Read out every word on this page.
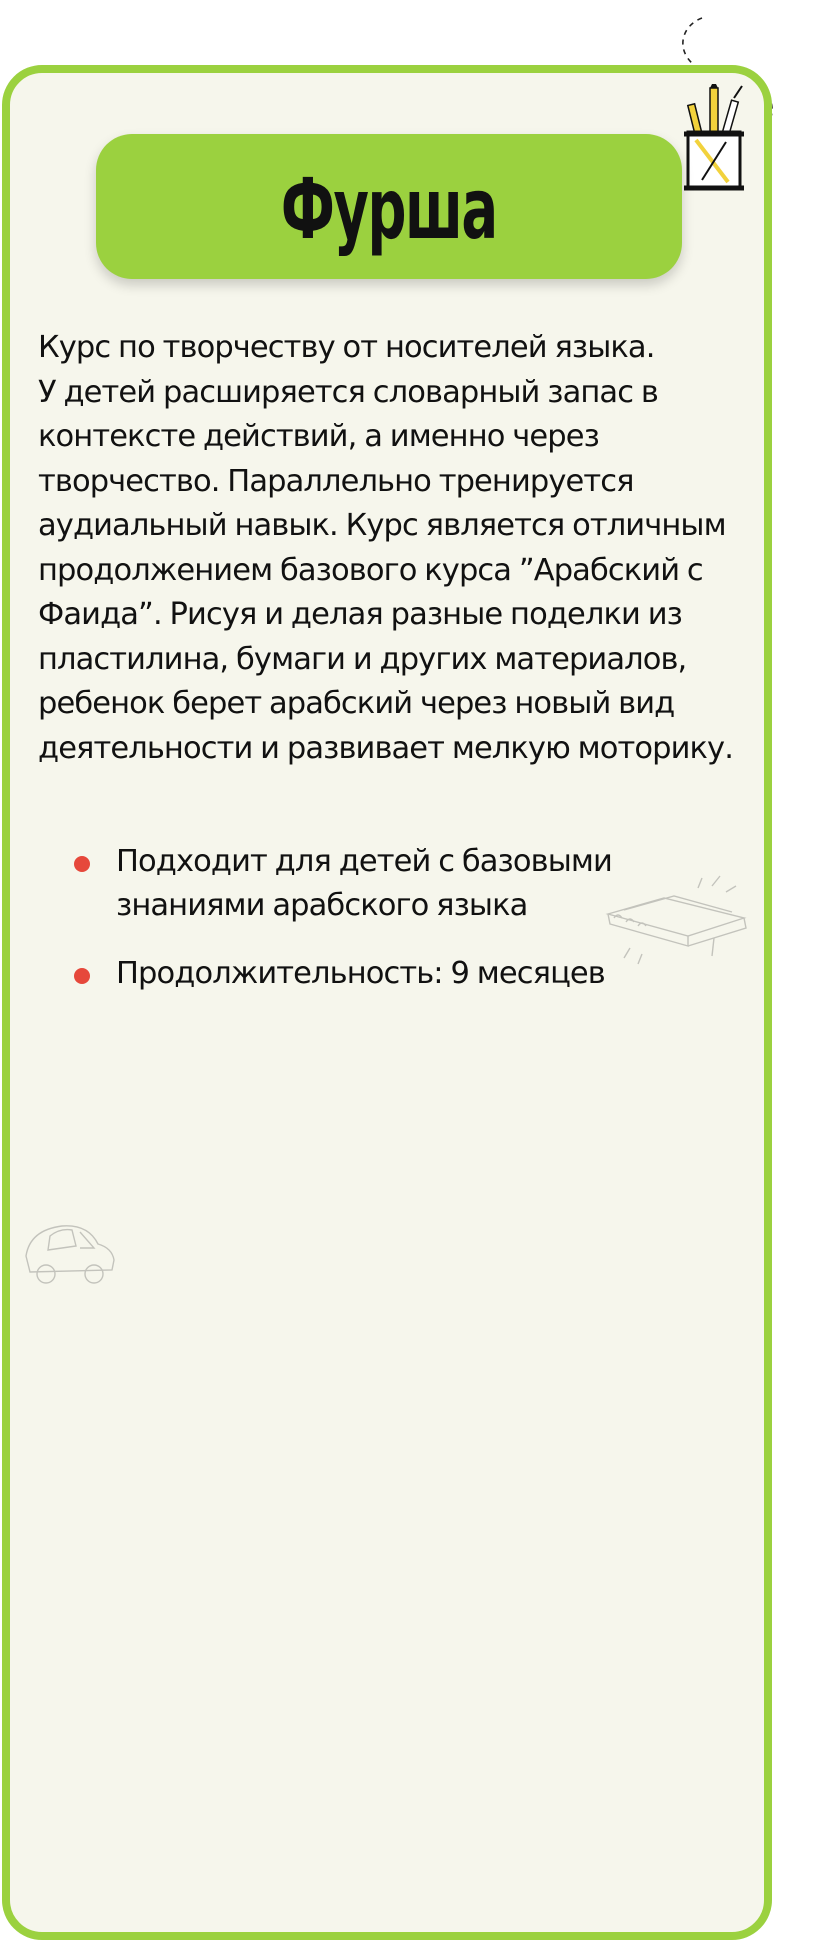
Фурша
Курс по творчеству от носителей языка.
У детей расширяется словарный запас в контексте действий, а именно через творчество. Параллельно тренируется аудиальный навык. Курс является отличным продолжением базового курса ”Арабский с Фаида”. Рисуя и делая разные поделки из пластилина, бумаги и других материалов, ребенок берет арабский через новый вид деятельности и развивает мелкую моторику.
Подходит для детей с базовыми знаниями арабского языка
Продолжительность: 9 месяцев
